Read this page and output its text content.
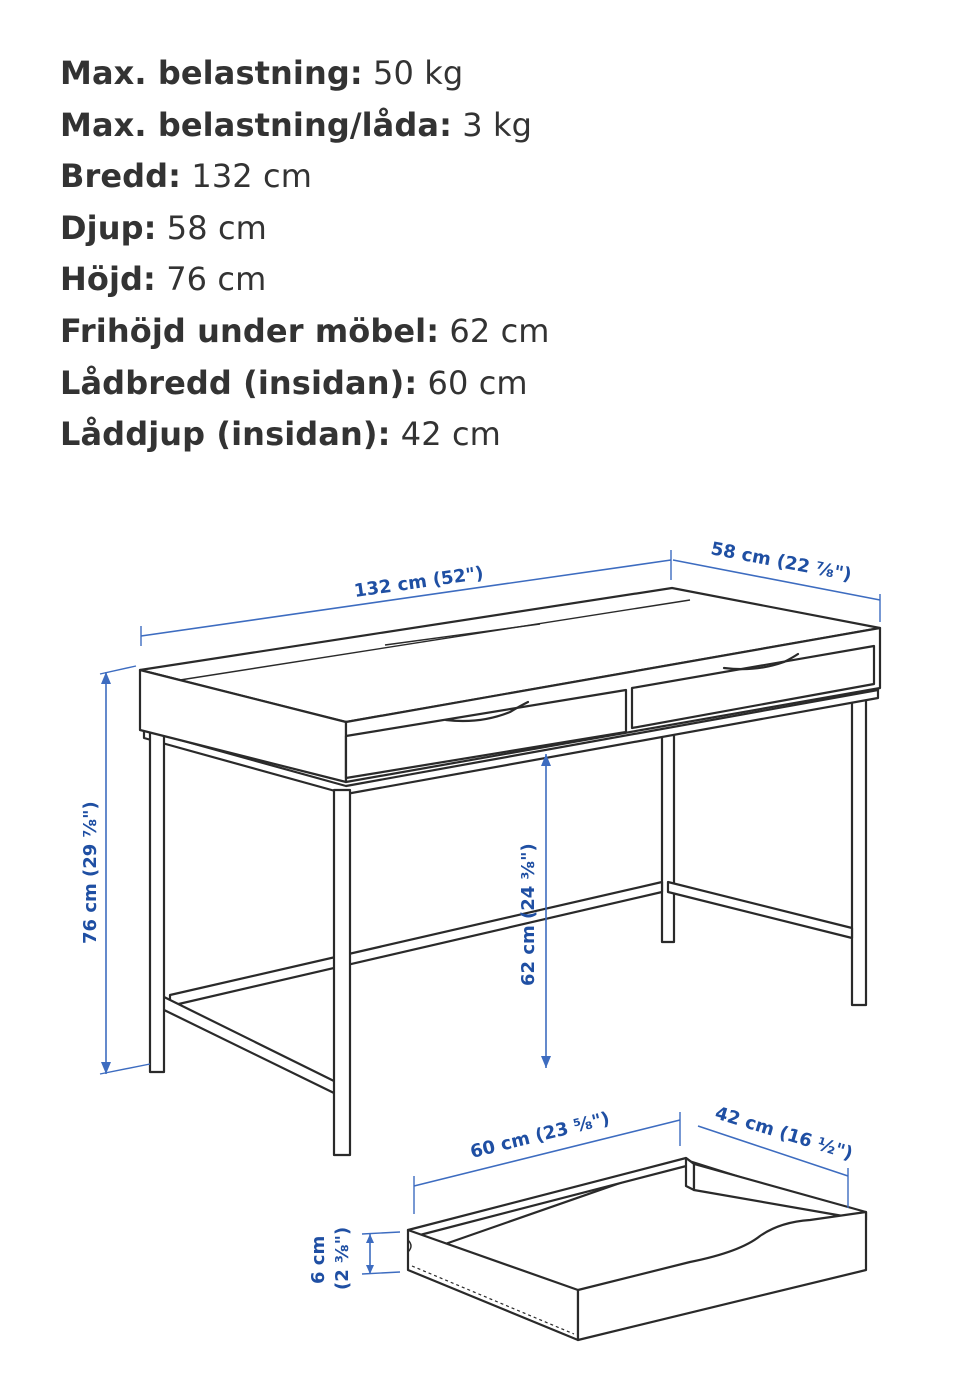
Max. belastning: 50 kg
Max. belastning/låda: 3 kg
Bredd: 132 cm
Djup: 58 cm
Höjd: 76 cm
Frihöjd under möbel: 62 cm
Lådbredd (insidan): 60 cm
Låddjup (insidan): 42 cm
132 cm (52")	58 cm (22 ⅞")
76 cm (29 ⅞")	62 cm (24 ⅜")
60 cm (23 ⅝")	42 cm (16 ½")
6 cm (2 ⅜")
